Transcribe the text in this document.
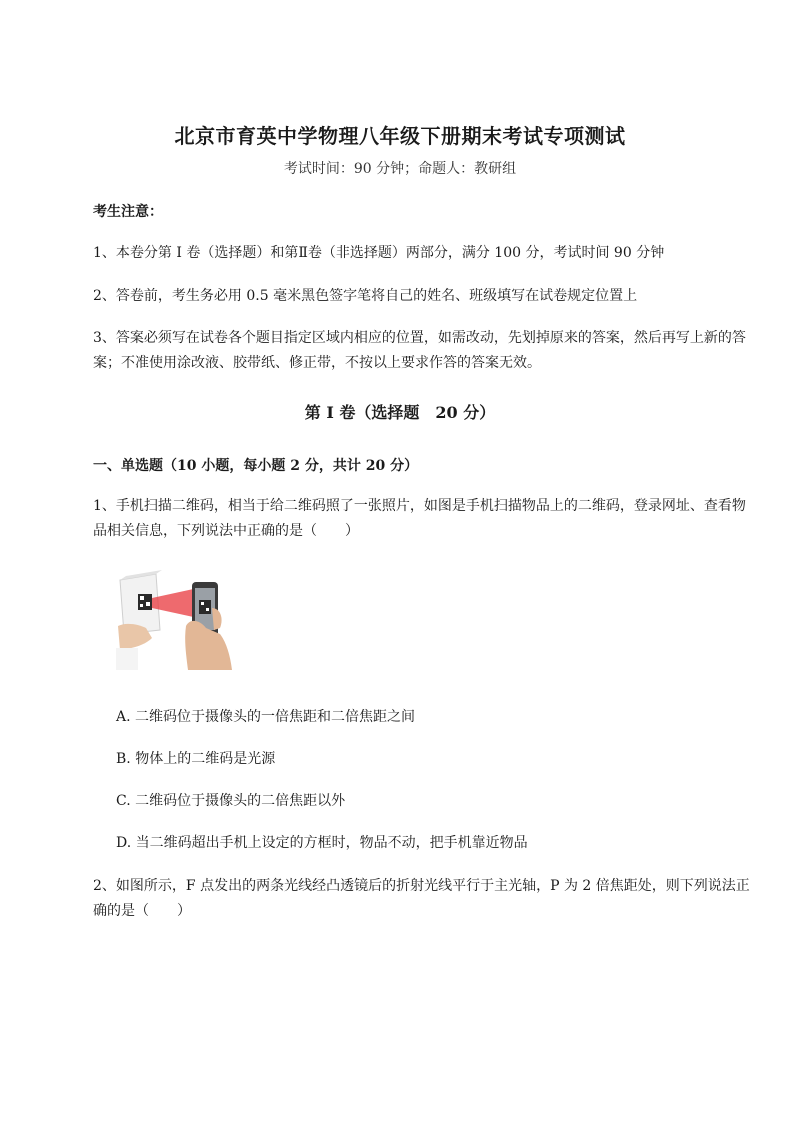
北京市育英中学物理八年级下册期末考试专项测试
考试时间：90 分钟；命题人：教研组
考生注意：
1、本卷分第 I 卷（选择题）和第Ⅱ卷（非选择题）两部分，满分 100 分，考试时间 90 分钟
2、答卷前，考生务必用 0.5 毫米黑色签字笔将自己的姓名、班级填写在试卷规定位置上
3、答案必须写在试卷各个题目指定区域内相应的位置，如需改动，先划掉原来的答案，然后再写上新的答案；不准使用涂改液、胶带纸、修正带，不按以上要求作答的答案无效。
第 I 卷（选择题　20 分）
一、单选题（10 小题，每小题 2 分，共计 20 分）
1、手机扫描二维码，相当于给二维码照了一张照片，如图是手机扫描物品上的二维码，登录网址、查看物品相关信息，下列说法中正确的是（　　）
A. 二维码位于摄像头的一倍焦距和二倍焦距之间
B. 物体上的二维码是光源
C. 二维码位于摄像头的二倍焦距以外
D. 当二维码超出手机上设定的方框时，物品不动，把手机靠近物品
2、如图所示，F 点发出的两条光线经凸透镜后的折射光线平行于主光轴，P 为 2 倍焦距处，则下列说法正确的是（　　）
